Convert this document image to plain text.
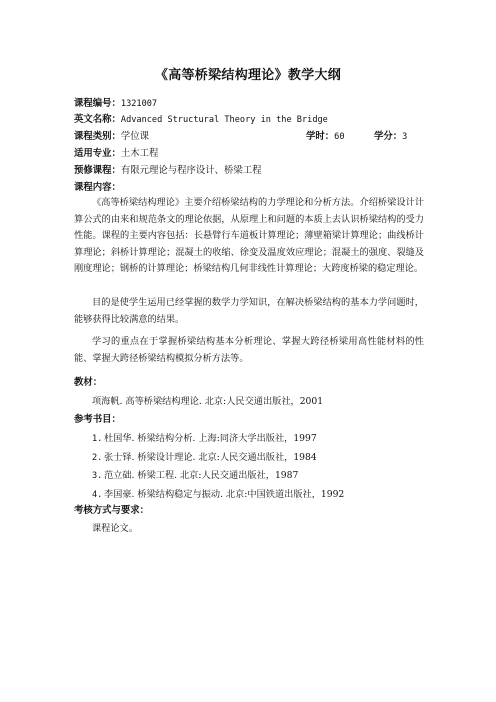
《高等桥梁结构理论》教学大纲
课程编号：1321007
英文名称：Advanced Structural Theory in the Bridge
课程类别：学位课	学时：60	学分：3
适用专业：土木工程
预修课程：有限元理论与程序设计、桥梁工程
课程内容：
《高等桥梁结构理论》主要介绍桥梁结构的力学理论和分析方法。介绍桥梁设计计算公式的由来和规范条文的理论依据，从原理上和问题的本质上去认识桥梁结构的受力性能。课程的主要内容包括：长悬臂行车道板计算理论；薄壁箱梁计算理论；曲线桥计算理论；斜桥计算理论；混凝土的收缩、徐变及温度效应理论；混凝土的强度、裂缝及刚度理论；钢桥的计算理论；桥梁结构几何非线性计算理论；大跨度桥梁的稳定理论。
目的是使学生运用已经掌握的数学力学知识，在解决桥梁结构的基本力学问题时，能够获得比较满意的结果。
学习的重点在于掌握桥梁结构基本分析理论、掌握大跨径桥梁用高性能材料的性能、掌握大跨径桥梁结构模拟分析方法等。
教材：
项海帆. 高等桥梁结构理论. 北京:人民交通出版社，2001
参考书目：
1. 杜国华. 桥梁结构分析. 上海:同济大学出版社，1997
2. 张士铎. 桥梁设计理论. 北京:人民交通出版社，1984
3. 范立础. 桥梁工程. 北京:人民交通出版社，1987
4. 李国豪. 桥梁结构稳定与振动. 北京:中国铁道出版社，1992
考核方式与要求：
课程论文。
